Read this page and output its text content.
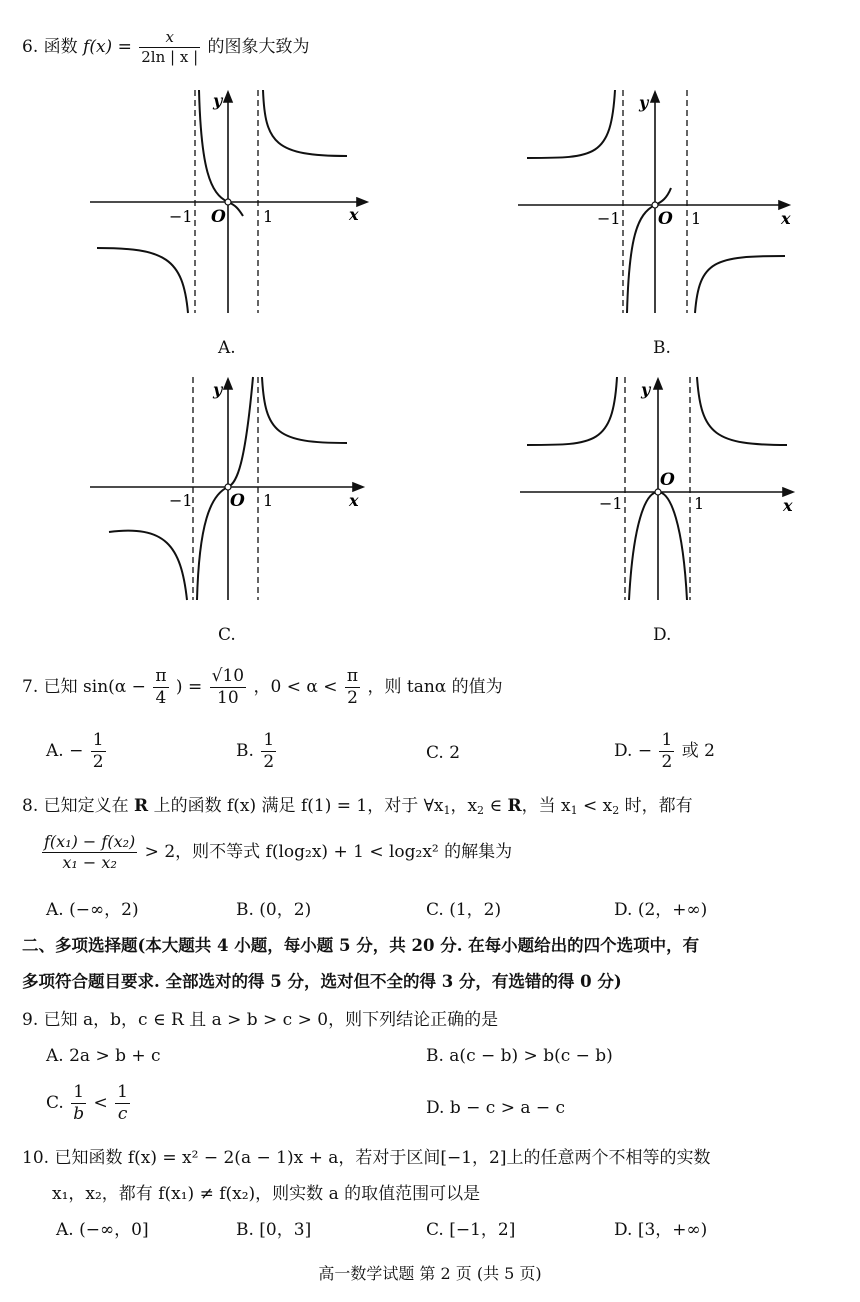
6. 函数 $f(x) = \frac{x}{2\ln | x |}$ 的图象大致为
y
x
O
−1	1
A.
y
x
O
−1	1
B.
y
x
O
−1	1
C.
y
x
O
−1	1
D.
7. 已知 $\sin(\alpha - \frac{\pi}{4}$ ) = $\frac{√10}{10}$ ，$0 < \alpha < \frac{\pi}{2}$ ，则 tanα 的值为
A. − $\frac{1}{2}$	B. $\frac{1}{2}$	C. 2	D. − $\frac{1}{2}$ 或 2
8. 已知定义在 R 上的函数 f(x) 满足 f(1) = 1，对于 $\forall x_1$，$x_2$ ∈ R，当 $x_1 < x_2$ 时，都有
$\frac{\text{f(x₁) − f(x₂)}}{\text{x₁ − x₂}} > 2$，则不等式 f(log₂x) + 1 < log₂x² 的解集为
A. (−∞，2)	B. (0，2)	C. (1，2)	D. (2，+∞)
二、多项选择题(本大题共 4 小题，每小题 5 分，共 20 分. 在每小题给出的四个选项中，有
多项符合题目要求. 全部选对的得 5 分，选对但不全的得 3 分，有选错的得 0 分)
9. 已知 a，b，c ∈ R 且 a > b > c > 0，则下列结论正确的是
A. 2a > b + c	B. a(c − b) > b(c − b)
C. $\frac{1}{b} < \frac{1}{c}$	D. b − c > a − c
10. 已知函数 f(x) = x² − 2(a − 1)x + a，若对于区间[−1，2]上的任意两个不相等的实数
x₁，x₂，都有 f(x₁) ≠ f(x₂)，则实数 a 的取值范围可以是
A. (−∞，0]	B. [0，3]	C. [−1，2]	D. [3，+∞)
高一数学试题 第 2 页 (共 5 页)
